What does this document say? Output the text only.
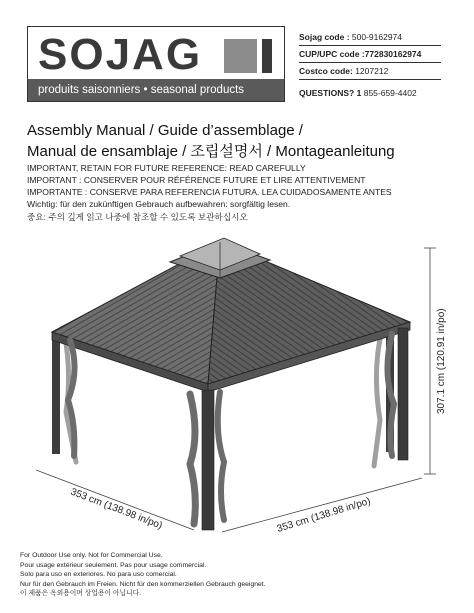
SOJAG
produits saisonniers • seasonal products
Sojag code : 500-9162974
CUP/UPC code :772830162974
Costco code: 1207212
QUESTIONS? 1 855-659-4402
Assembly Manual / Guide d’assemblage /
Manual de ensamblaje / 조립설명서 / Montageanleitung
IMPORTANT, RETAIN FOR FUTURE REFERENCE: READ CAREFULLY
IMPORTANT : CONSERVER POUR RÉFÉRENCE FUTURE ET LIRE ATTENTIVEMENT
IMPORTANTE : CONSERVE PARA REFERENCIA FUTURA. LEA CUIDADOSAMENTE ANTES
Wichtig: für den zukünftigen Gebrauch aufbewahren: sorgfältig lesen.
중요: 주의 깊게 읽고 나중에 참조할 수 있도록 보관하십시오
307.1 cm (120.91 in/po)
353 cm (138.98 in/po)	353 cm (138.98 in/po)
For Outdoor Use only. Not for Commercial Use.
Pour usage extérieur seulement. Pas pour usage commercial.
Solo para uso en exteriores. No para uso comercial.
Nur für den Gebrauch im Freien. Nicht für den kommerziellen Gebrauch geeignet.
이 제품은 옥외용이며 상업용이 아닙니다.
